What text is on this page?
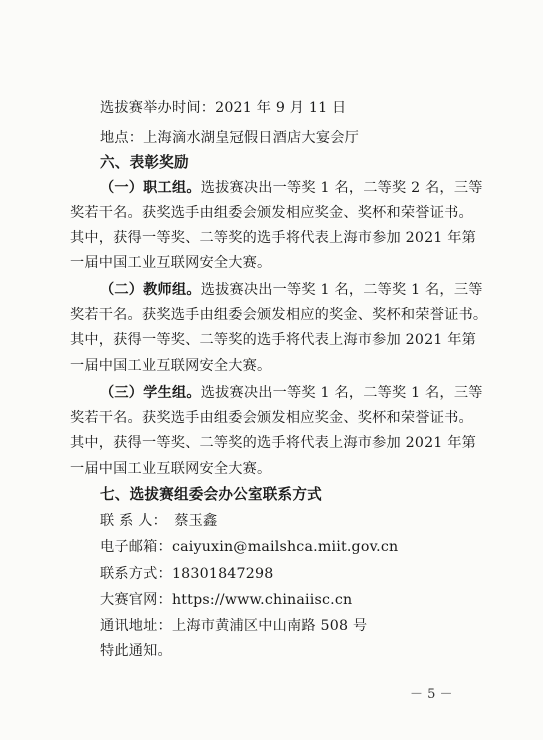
选拔赛举办时间：2021 年 9 月 11 日
地点：上海滴水湖皇冠假日酒店大宴会厅
六、表彰奖励
（一）职工组。选拔赛决出一等奖 1 名，二等奖 2 名，三等
奖若干名。获奖选手由组委会颁发相应奖金、奖杯和荣誉证书。
其中，获得一等奖、二等奖的选手将代表上海市参加 2021 年第
一届中国工业互联网安全大赛。
（二）教师组。选拔赛决出一等奖 1 名，二等奖 1 名，三等
奖若干名。获奖选手由组委会颁发相应的奖金、奖杯和荣誉证书。
其中，获得一等奖、二等奖的选手将代表上海市参加 2021 年第
一届中国工业互联网安全大赛。
（三）学生组。选拔赛决出一等奖 1 名，二等奖 1 名，三等
奖若干名。获奖选手由组委会颁发相应奖金、奖杯和荣誉证书。
其中，获得一等奖、二等奖的选手将代表上海市参加 2021 年第
一届中国工业互联网安全大赛。
七、选拔赛组委会办公室联系方式
联 系 人：　蔡玉鑫
电子邮箱：caiyuxin@mailshca.miit.gov.cn
联系方式：18301847298
大赛官网：https://www.chinaiisc.cn
通讯地址：上海市黄浦区中山南路 508 号
特此通知。
－ 5 －
